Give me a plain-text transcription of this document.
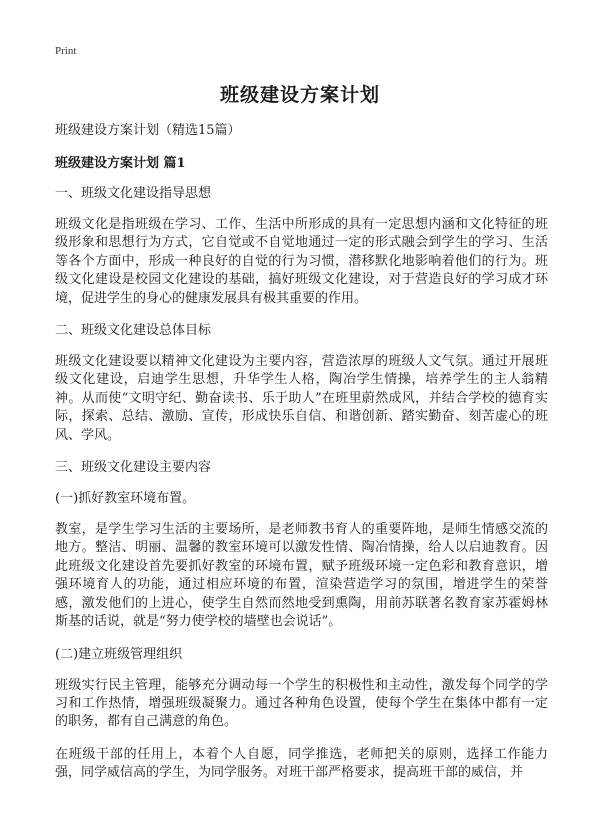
Print
班级建设方案计划
班级建设方案计划（精选15篇）
班级建设方案计划 篇1
一、班级文化建设指导思想
班级文化是指班级在学习、工作、生活中所形成的具有一定思想内涵和文化特征的班级形象和思想行为方式，它自觉或不自觉地通过一定的形式融会到学生的学习、生活等各个方面中，形成一种良好的自觉的行为习惯，潜移默化地影响着他们的行为。班级文化建设是校园文化建设的基础，搞好班级文化建设，对于营造良好的学习成才环境，促进学生的身心的健康发展具有极其重要的作用。
二、班级文化建设总体目标
班级文化建设要以精神文化建设为主要内容，营造浓厚的班级人文气氛。通过开展班级文化建设，启迪学生思想，升华学生人格，陶冶学生情操，培养学生的主人翁精神。从而使“文明守纪、勤奋读书、乐于助人”在班里蔚然成风，并结合学校的德育实际，探索、总结、激励、宣传，形成快乐自信、和谐创新、踏实勤奋、刻苦虚心的班风、学风。
三、班级文化建设主要内容
(一)抓好教室环境布置。
教室，是学生学习生活的主要场所，是老师教书育人的重要阵地，是师生情感交流的地方。整洁、明丽、温馨的教室环境可以激发性情、陶冶情操，给人以启迪教育。因此班级文化建设首先要抓好教室的环境布置，赋予班级环境一定色彩和教育意识，增强环境育人的功能，通过相应环境的布置，渲染营造学习的氛围，增进学生的荣誉感，激发他们的上进心，使学生自然而然地受到熏陶，用前苏联著名教育家苏霍姆林斯基的话说，就是“努力使学校的墙壁也会说话”。
(二)建立班级管理组织
班级实行民主管理，能够充分调动每一个学生的积极性和主动性，激发每个同学的学习和工作热情，增强班级凝聚力。通过各种角色设置，使每个学生在集体中都有一定的职务，都有自己满意的角色。
在班级干部的任用上，本着个人自愿，同学推选，老师把关的原则，选择工作能力强，同学威信高的学生，为同学服务。对班干部严格要求，提高班干部的威信，并
